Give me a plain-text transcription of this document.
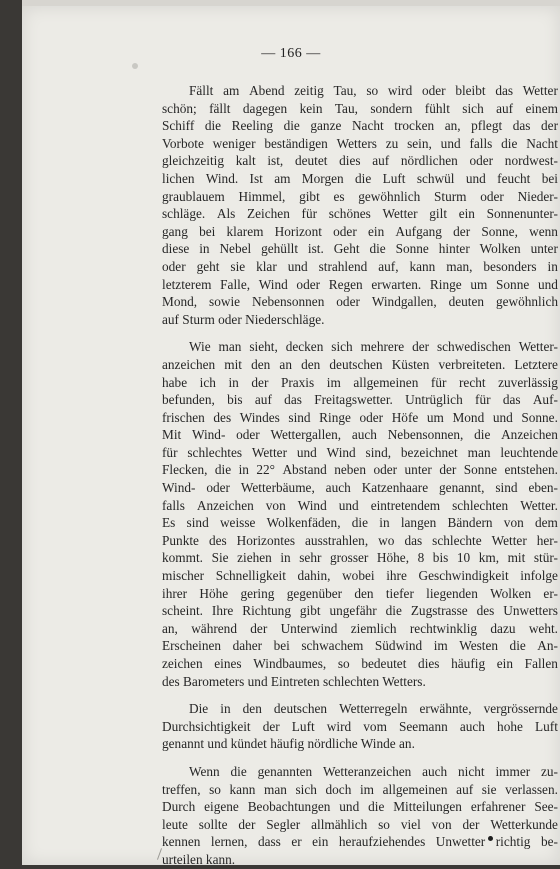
— 166 —
Fällt am Abend zeitig Tau, so wird oder bleibt das Wetter
schön; fällt dagegen kein Tau, sondern fühlt sich auf einem
Schiff die Reeling die ganze Nacht trocken an, pflegt das der
Vorbote weniger beständigen Wetters zu sein, und falls die Nacht
gleichzeitig kalt ist, deutet dies auf nördlichen oder nordwest-
lichen Wind. Ist am Morgen die Luft schwül und feucht bei
graublauem Himmel, gibt es gewöhnlich Sturm oder Nieder-
schläge. Als Zeichen für schönes Wetter gilt ein Sonnenunter-
gang bei klarem Horizont oder ein Aufgang der Sonne, wenn
diese in Nebel gehüllt ist. Geht die Sonne hinter Wolken unter
oder geht sie klar und strahlend auf, kann man, besonders in
letzterem Falle, Wind oder Regen erwarten. Ringe um Sonne und
Mond, sowie Nebensonnen oder Windgallen, deuten gewöhnlich
auf Sturm oder Niederschläge.
Wie man sieht, decken sich mehrere der schwedischen Wetter-
anzeichen mit den an den deutschen Küsten verbreiteten. Letztere
habe ich in der Praxis im allgemeinen für recht zuverlässig
befunden, bis auf das Freitagswetter. Untrüglich für das Auf-
frischen des Windes sind Ringe oder Höfe um Mond und Sonne.
Mit Wind- oder Wettergallen, auch Nebensonnen, die Anzeichen
für schlechtes Wetter und Wind sind, bezeichnet man leuchtende
Flecken, die in 22° Abstand neben oder unter der Sonne entstehen.
Wind- oder Wetterbäume, auch Katzenhaare genannt, sind eben-
falls Anzeichen von Wind und eintretendem schlechten Wetter.
Es sind weisse Wolkenfäden, die in langen Bändern von dem
Punkte des Horizontes ausstrahlen, wo das schlechte Wetter her-
kommt. Sie ziehen in sehr grosser Höhe, 8 bis 10 km, mit stür-
mischer Schnelligkeit dahin, wobei ihre Geschwindigkeit infolge
ihrer Höhe gering gegenüber den tiefer liegenden Wolken er-
scheint. Ihre Richtung gibt ungefähr die Zugstrasse des Unwetters
an, während der Unterwind ziemlich rechtwinklig dazu weht.
Erscheinen daher bei schwachem Südwind im Westen die An-
zeichen eines Windbaumes, so bedeutet dies häufig ein Fallen
des Barometers und Eintreten schlechten Wetters.
Die in den deutschen Wetterregeln erwähnte, vergrössernde
Durchsichtigkeit der Luft wird vom Seemann auch hohe Luft
genannt und kündet häufig nördliche Winde an.
Wenn die genannten Wetteranzeichen auch nicht immer zu-
treffen, so kann man sich doch im allgemeinen auf sie verlassen.
Durch eigene Beobachtungen und die Mitteilungen erfahrener See-
leute sollte der Segler allmählich so viel von der Wetterkunde
kennen lernen, dass er ein heraufziehendes Unwetter richtig be-
urteilen kann.
